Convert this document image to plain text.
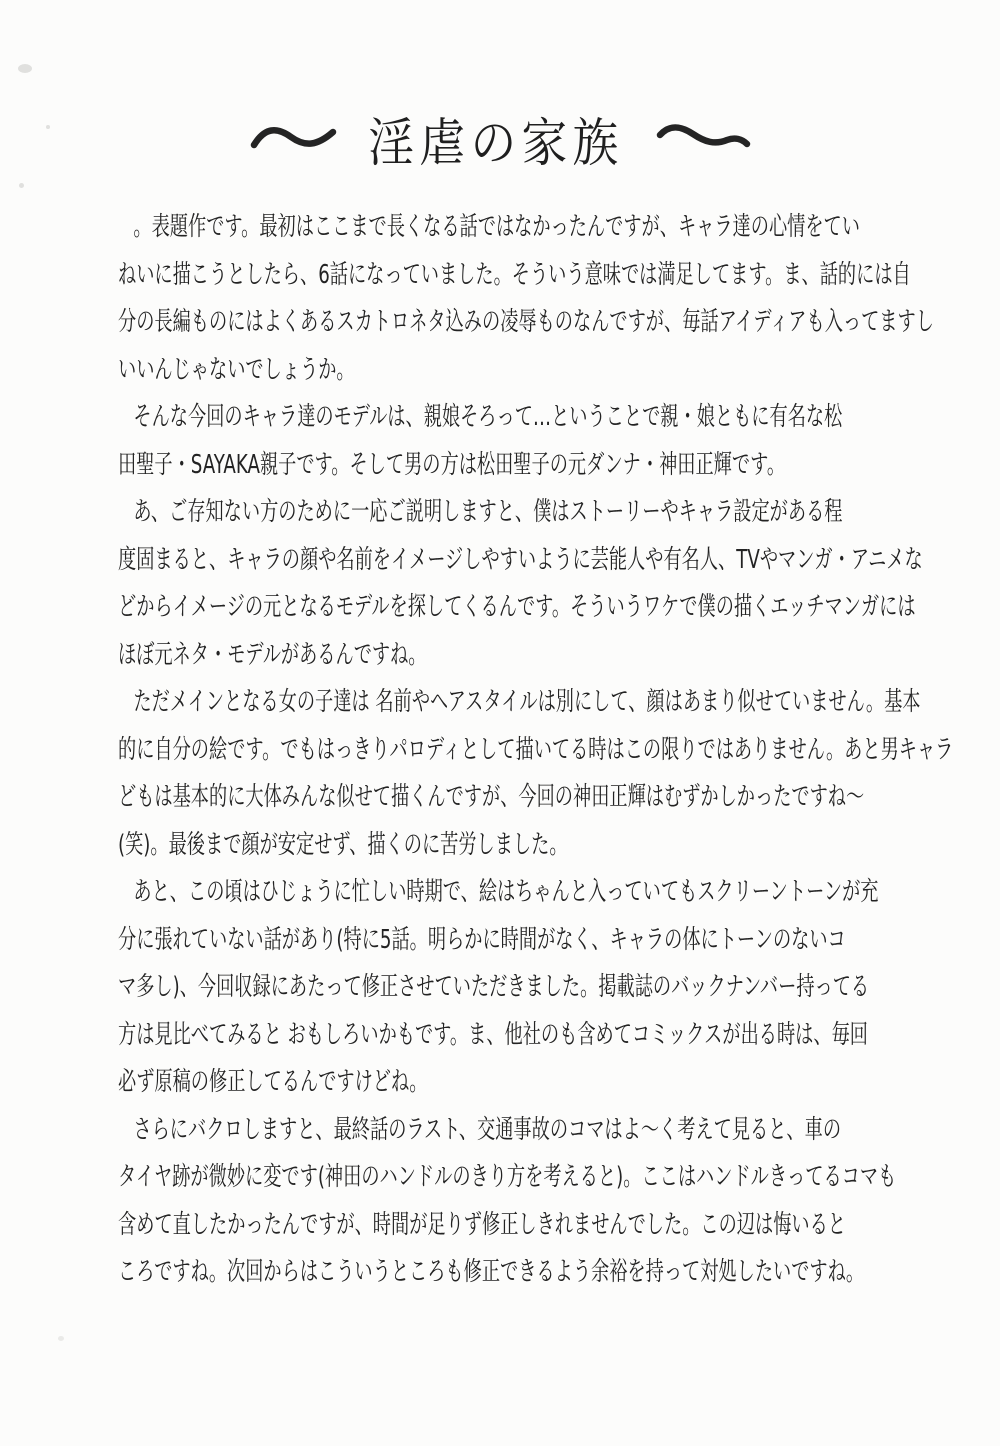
淫虐の家族
。表題作です。最初はここまで長くなる話ではなかったんですが、キャラ達の心情をてい
ねいに描こうとしたら、6話になっていました。そういう意味では満足してます。ま、話的には自
分の長編ものにはよくあるスカトロネタ込みの凌辱ものなんですが、毎話アイディアも入ってますし
いいんじゃないでしょうか。
そんな今回のキャラ達のモデルは、親娘そろって…ということで親・娘ともに有名な松
田聖子・SAYAKA親子です。そして男の方は松田聖子の元ダンナ・神田正輝です。
あ、ご存知ない方のために一応ご説明しますと、僕はストーリーやキャラ設定がある程
度固まると、キャラの顔や名前をイメージしやすいように芸能人や有名人、TVやマンガ・アニメな
どからイメージの元となるモデルを探してくるんです。そういうワケで僕の描くエッチマンガには
ほぼ元ネタ・モデルがあるんですね。
ただメインとなる女の子達は 名前やヘアスタイルは別にして、顔はあまり似せていません。基本
的に自分の絵です。でもはっきりパロディとして描いてる時はこの限りではありません。あと男キャラ
どもは基本的に大体みんな似せて描くんですが、今回の神田正輝はむずかしかったですね〜
(笑)。最後まで顔が安定せず、描くのに苦労しました。
あと、この頃はひじょうに忙しい時期で、絵はちゃんと入っていてもスクリーントーンが充
分に張れていない話があり(特に5話。明らかに時間がなく、キャラの体にトーンのないコ
マ多し)、今回収録にあたって修正させていただきました。掲載誌のバックナンバー持ってる
方は見比べてみると おもしろいかもです。ま、他社のも含めてコミックスが出る時は、毎回
必ず原稿の修正してるんですけどね。
さらにバクロしますと、最終話のラスト、交通事故のコマはよ〜く考えて見ると、車の
タイヤ跡が微妙に変です(神田のハンドルのきり方を考えると)。ここはハンドルきってるコマも
含めて直したかったんですが、時間が足りず修正しきれませんでした。この辺は悔いると
ころですね。次回からはこういうところも修正できるよう余裕を持って対処したいですね。
